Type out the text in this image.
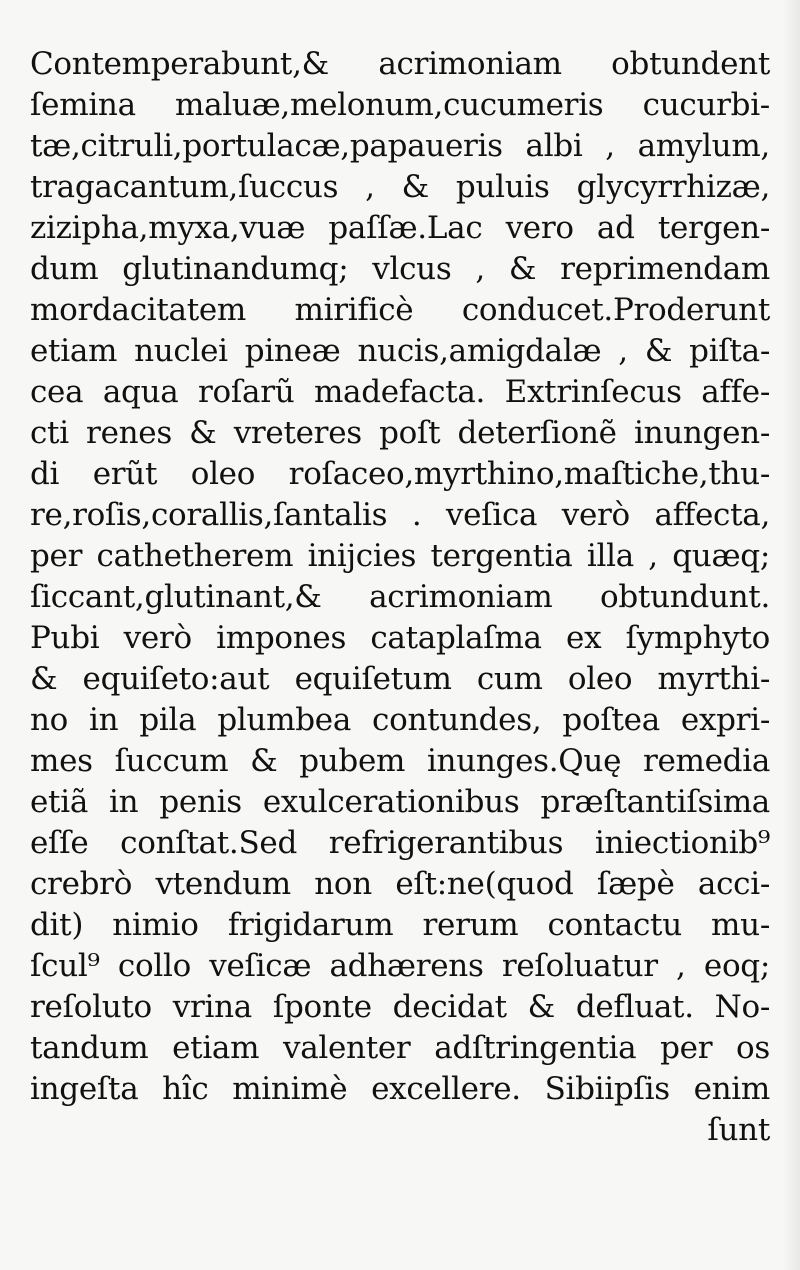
Contemperabunt,& acrimoniam obtundent
ſemina maluæ,melonum,cucumeris cucurbi-
tæ,citruli,portulacæ,papaueris albi , amylum,
tragacantum,ſuccus , & puluis glycyrrhizæ,
zizipha,myxa,vuæ paſſæ.Lac vero ad tergen-
dum glutinandumq; vlcus , & reprimendam
mordacitatem mirificè conducet.Proderunt
etiam nuclei pineæ nucis,amigdalæ , & piſta-
cea aqua roſarũ madefacta. Extrinſecus affe-
cti renes & vreteres poſt deterſionẽ inungen-
di erũt oleo roſaceo,myrthino,maſtiche,thu-
re,roſis,corallis,ſantalis . veſica verò affecta,
per cathetherem inijcies tergentia illa , quæq;
ſiccant,glutinant,& acrimoniam obtundunt.
Pubi verò impones cataplaſma ex ſymphyto
& equiſeto:aut equiſetum cum oleo myrthi-
no in pila plumbea contundes, poſtea expri-
mes ſuccum & pubem inunges.Quę remedia
etiã in penis exulcerationibus præſtantiſsima
eſſe conſtat.Sed refrigerantibus iniectionib⁹
crebrò vtendum non eſt:ne(quod ſæpè acci-
dit) nimio frigidarum rerum contactu mu-
ſcul⁹ collo veſicæ adhærens reſoluatur , eoq;
reſoluto vrina ſponte decidat & defluat. No-
tandum etiam valenter adſtringentia per os
ingeſta hîc minimè excellere. Sibiipſis enim
ſunt
